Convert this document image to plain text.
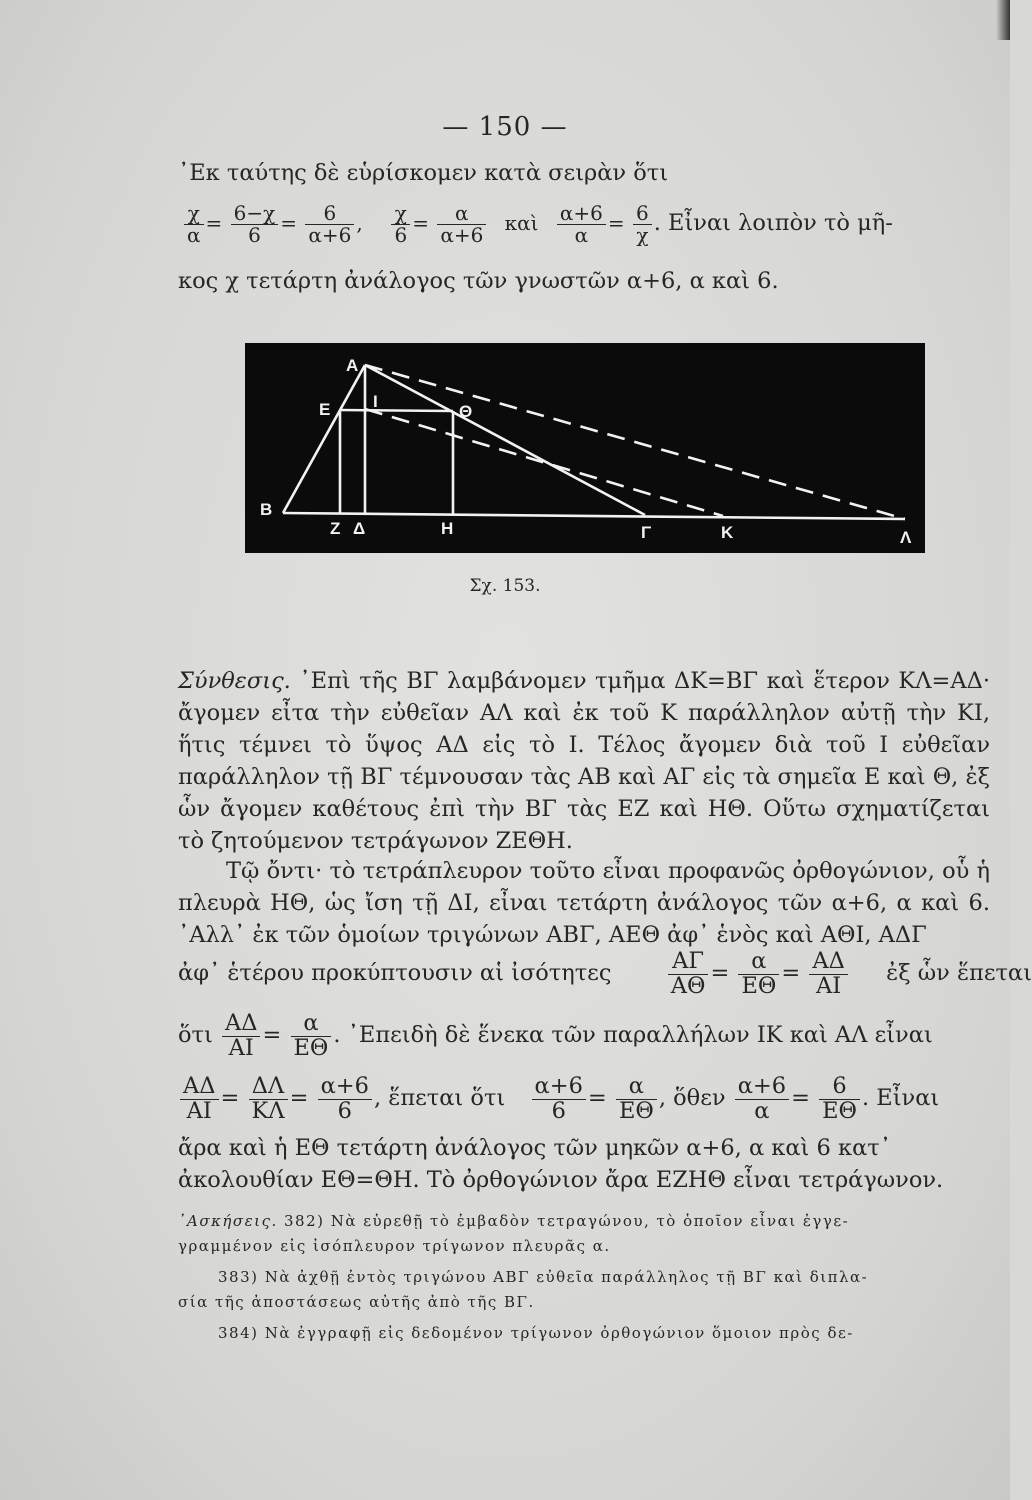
— 150 —
᾿Εκ ταύτης δὲ εὑρίσκομεν κατὰ σειρὰν ὅτι
$\frac{\chi}{\alpha} = \frac{6-\chi}{6} = \frac{6}{\alpha+6}$ , $\frac{\chi}{6} = \frac{\alpha}{\alpha+6}$ καὶ $\frac{\alpha+6}{\alpha} = \frac{6}{\chi}$ . Εἶναι λοιπὸν τὸ μῆ-
κος χ τετάρτη ἀνάλογος τῶν γνωστῶν α+6, α καὶ 6.
Α
Ε	Ι
Θ
Β
Ζ Δ	Η	Γ	Κ	Λ
Σχ. 153.
Σύνθεσις. ᾿Επὶ τῆς ΒΓ λαμβάνομεν τμῆμα ΔΚ=ΒΓ καὶ ἕτερον ΚΛ=ΑΔ· ἄγομεν εἶτα τὴν εὐθεῖαν ΑΛ καὶ ἐκ τοῦ Κ παράλληλον αὐτῇ τὴν ΚΙ, ἥτις τέμνει τὸ ὕψος ΑΔ εἰς τὸ Ι. Τέλος ἄγομεν διὰ τοῦ Ι εὐθεῖαν παράλληλον τῇ ΒΓ τέμνουσαν τὰς ΑΒ καὶ ΑΓ εἰς τὰ σημεῖα Ε καὶ Θ, ἐξ ὧν ἄγομεν καθέτους ἐπὶ τὴν ΒΓ τὰς ΕΖ καὶ ΗΘ. Οὕτω σχηματίζεται τὸ ζητούμενον τετράγωνον ΖΕΘΗ.
Τῷ ὄντι· τὸ τετράπλευρον τοῦτο εἶναι προφανῶς ὀρθογώνιον, οὗ ἡ πλευρὰ ΗΘ, ὡς ἴση τῇ ΔΙ, εἶναι τετάρτη ἀνάλογος τῶν α+6, α καὶ 6. ᾿Αλλ᾿ ἐκ τῶν ὁμοίων τριγώνων ΑΒΓ, ΑΕΘ ἀφ᾿ ἑνὸς καὶ ΑΘΙ, ΑΔΓ
ἀφ᾿ ἑτέρου προκύπτουσιν αἱ ἰσότητες	$\frac{A\Gamma}{A\Theta} = \frac{\alpha}{E\Theta} = \frac{A\Delta}{AI}$ ἐξ ὧν ἕπεται
ὅτι $\frac{A\Delta}{AI} = \frac{\alpha}{E\Theta}$ . ᾿Επειδὴ δὲ ἕνεκα τῶν παραλλήλων ΙΚ καὶ ΑΛ εἶναι
$\frac{A\Delta}{AI} = \frac{\Delta\Lambda}{K\Lambda} = \frac{\alpha+6}{6}$ , ἕπεται ὅτι $\frac{\alpha+6}{6} = \frac{\alpha}{E\Theta}$ , ὅθεν $\frac{\alpha+6}{\alpha} = \frac{6}{E\Theta}$ . Εἶναι
ἄρα καὶ ἡ ΕΘ τετάρτη ἀνάλογος τῶν μηκῶν α+6, α καὶ 6 κατ᾿
ἀκολουθίαν ΕΘ=ΘΗ. Τὸ ὀρθογώνιον ἄρα ΕΖΗΘ εἶναι τετράγωνον.
᾿Ασκήσεις. 382) Νὰ εὑρεθῇ τὸ ἐμβαδὸν τετραγώνου, τὸ ὁποῖον εἶναι ἐγγε-
γραμμένον εἰς ἰσόπλευρον τρίγωνον πλευρᾶς α.
383) Νὰ ἀχθῇ ἐντὸς τριγώνου ΑΒΓ εὐθεῖα παράλληλος τῇ ΒΓ καὶ διπλα-
σία τῆς ἀποστάσεως αὐτῆς ἀπὸ τῆς ΒΓ.
384) Νὰ ἐγγραφῇ εἰς δεδομένον τρίγωνον ὀρθογώνιον ὅμοιον πρὸς δε-
